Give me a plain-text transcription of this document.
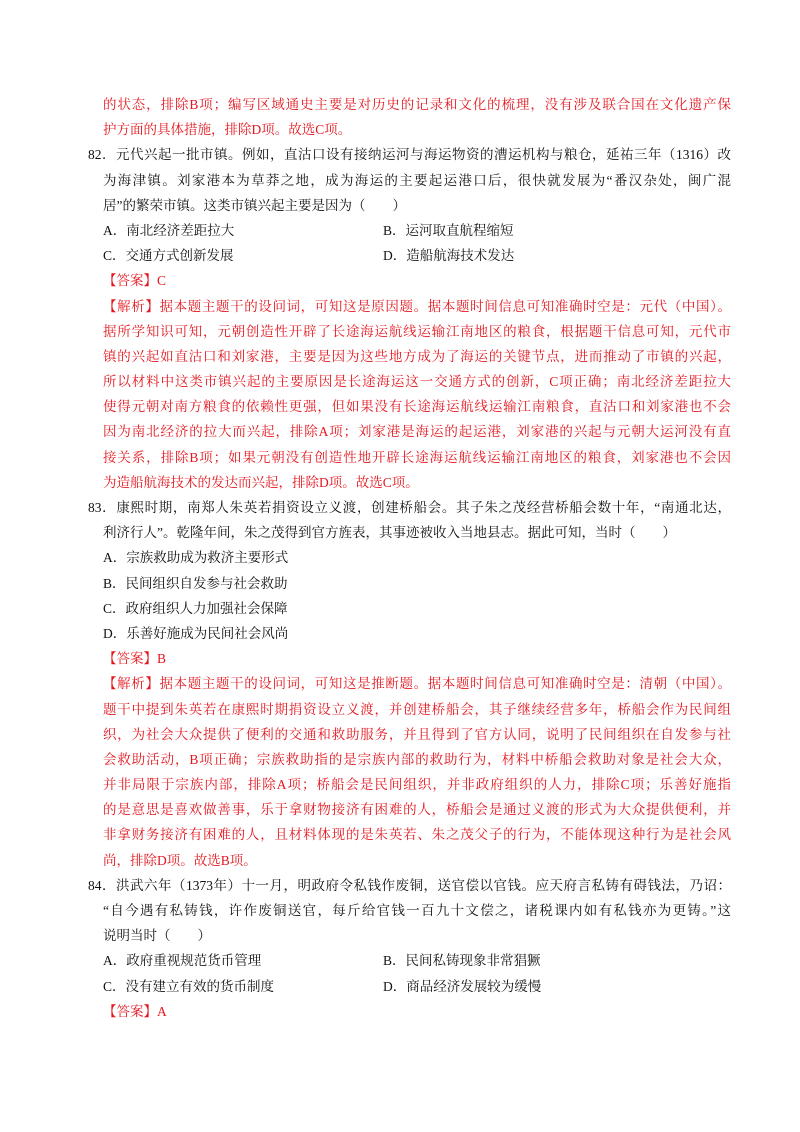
的状态，排除B项；编写区域通史主要是对历史的记录和文化的梳理，没有涉及联合国在文化遗产保
护方面的具体措施，排除D项。故选C项。
82．元代兴起一批市镇。例如，直沽口设有接纳运河与海运物资的漕运机构与粮仓，延祐三年（1316）改
为海津镇。刘家港本为草莽之地，成为海运的主要起运港口后，很快就发展为“番汉杂处，闽广混
居”的繁荣市镇。这类市镇兴起主要是因为（　　）
A．南北经济差距拉大	B．运河取直航程缩短
C．交通方式创新发展	D．造船航海技术发达
【答案】C
【解析】据本题主题干的设问词，可知这是原因题。据本题时间信息可知准确时空是：元代（中国）。
据所学知识可知，元朝创造性开辟了长途海运航线运输江南地区的粮食，根据题干信息可知，元代市
镇的兴起如直沽口和刘家港，主要是因为这些地方成为了海运的关键节点，进而推动了市镇的兴起，
所以材料中这类市镇兴起的主要原因是长途海运这一交通方式的创新，C项正确；南北经济差距拉大
使得元朝对南方粮食的依赖性更强，但如果没有长途海运航线运输江南粮食，直沽口和刘家港也不会
因为南北经济的拉大而兴起，排除A项；刘家港是海运的起运港，刘家港的兴起与元朝大运河没有直
接关系，排除B项；如果元朝没有创造性地开辟长途海运航线运输江南地区的粮食，刘家港也不会因
为造船航海技术的发达而兴起，排除D项。故选C项。
83．康熙时期，南郑人朱英若捐资设立义渡，创建桥船会。其子朱之茂经营桥船会数十年，“南通北达，
利济行人”。乾隆年间，朱之茂得到官方旌表，其事迹被收入当地县志。据此可知，当时（　　）
A．宗族救助成为救济主要形式
B．民间组织自发参与社会救助
C．政府组织人力加强社会保障
D．乐善好施成为民间社会风尚
【答案】B
【解析】据本题主题干的设问词，可知这是推断题。据本题时间信息可知准确时空是：清朝（中国）。
题干中提到朱英若在康熙时期捐资设立义渡，并创建桥船会，其子继续经营多年，桥船会作为民间组
织，为社会大众提供了便利的交通和救助服务，并且得到了官方认同，说明了民间组织在自发参与社
会救助活动，B项正确；宗族救助指的是宗族内部的救助行为，材料中桥船会救助对象是社会大众，
并非局限于宗族内部，排除A项；桥船会是民间组织，并非政府组织的人力，排除C项；乐善好施指
的是意思是喜欢做善事，乐于拿财物接济有困难的人，桥船会是通过义渡的形式为大众提供便利，并
非拿财务接济有困难的人，且材料体现的是朱英若、朱之茂父子的行为，不能体现这种行为是社会风
尚，排除D项。故选B项。
84．洪武六年（1373年）十一月，明政府令私钱作废铜，送官偿以官钱。应天府言私铸有碍钱法，乃诏：
“自今遇有私铸钱，许作废铜送官，每斤给官钱一百九十文偿之，诸税课内如有私钱亦为更铸。”这
说明当时（　　）
A．政府重视规范货币管理	B．民间私铸现象非常猖獗
C．没有建立有效的货币制度	D．商品经济发展较为缓慢
【答案】A
